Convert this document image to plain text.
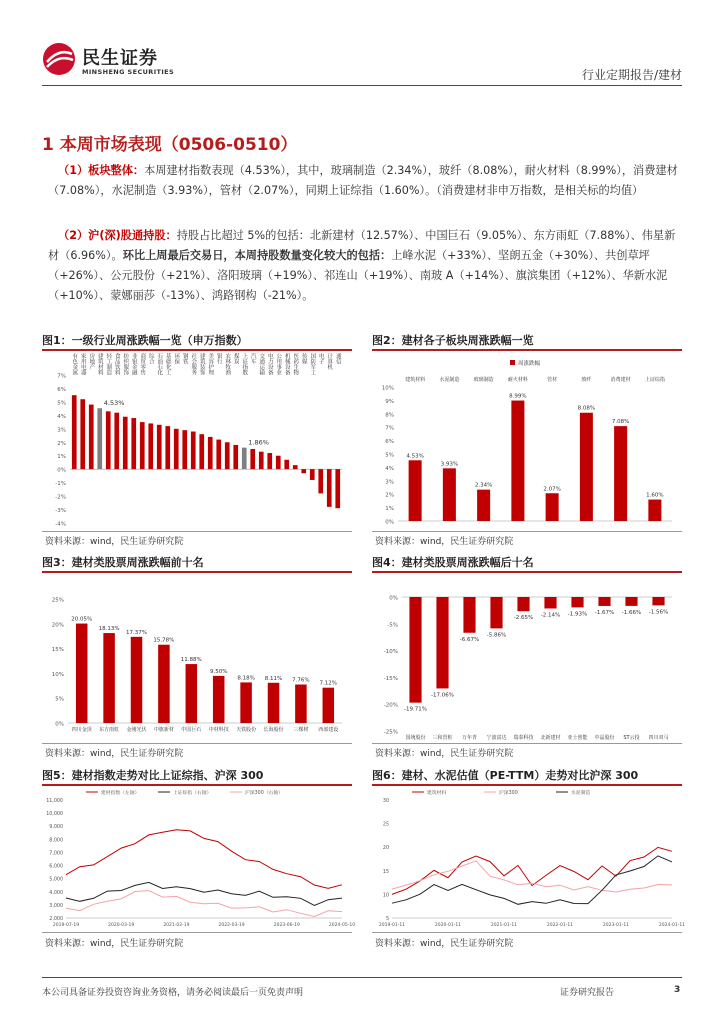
民生证券
MINSHENG SECURITIES	行业定期报告/建材
1 本周市场表现（0506-0510）
（1）板块整体：本周建材指数表现（4.53%），其中，玻璃制造（2.34%），玻纤（8.08%），耐火材料（8.99%），消费建材（7.08%），水泥制造（3.93%），管材（2.07%），同期上证综指（1.60%）。（消费建材非申万指数，是相关标的均值）
（2）沪(深)股通持股：持股占比超过 5%的包括：北新建材（12.57%）、中国巨石（9.05%）、东方雨虹（7.88%）、伟星新材（6.96%）。环比上周最后交易日，本周持股数量变化较大的包括：上峰水泥（+33%）、坚朗五金（+30%）、共创草坪（+26%）、公元股份（+21%）、洛阳玻璃（+19%）、祁连山（+19%）、南玻 A（+14%）、旗滨集团（+12%）、华新水泥（+10%）、蒙娜丽莎（-13%）、鸿路钢构（-21%）。
图1：一级行业周涨跌幅一览（申万指数）	图2：建材各子板块周涨跌幅一览
7%
6%
5%
4%
3%
2%
1%
0%
-1%
-2%
-3%
-4%
有色金属 家用电器 房地产 建筑材料
4.53%
轻工制造 食品饮料 纺织服饰 非银金融 商贸零售 综合 石油石化 基础化工 环保 钢铁 社会服务 建筑装饰 美容护理 银行 农林牧渔 煤炭 上证指数
1.86%
汽车 交通运输 电力设备 公用事业 机械设备 医药生物 传媒 国防军工 电子 计算机 通信
10%
9%
8%
7%
6%
5%
4%
3%
2%
1%
0%
建筑材料
4.53%
水泥制造
3.93%
玻璃制造
2.34%
耐火材料
8.99%
管材
2.07%
玻纤
8.08%
消费建材
7.08%
上证综指
1.60%
周涨跌幅
资料来源：wind，民生证券研究院	资料来源：wind，民生证券研究院
图3：建材类股票周涨跌幅前十名	图4：建材类股票周涨跌幅后十名
25%
20%
15%
10%
5%
0%
四川金顶
20.05%
东方雨虹
18.13%
金刚光伏
17.37%
中旗新材
15.78%
中国巨石
11.88%
中材科技
9.50%
天铁股份
8.18%
长海股份
8.11%
三棵树
7.76%
西部建设
7.12%
0%
-5%
-10%
-15%
-20%
-25%
国统股份
-19.71%
三和管桩
-17.06%
万年青
-6.67%
宁波富达
-5.86%
瑞泰科技
-2.65%
北新建材
-2.14%
亚士创能
-1.93%
中晶股份
-1.67%
ST云投
-1.66%
四川双马
-1.56%
资料来源：wind，民生证券研究院	资料来源：wind，民生证券研究院
图5：建材指数走势对比上证综指、沪深 300	图6：建材、水泥估值（PE-TTM）走势对比沪深 300
11,000
10,000
9,000
8,000
7,000
6,000
5,000
4,000
3,000
2,000
2019-07-19	2020-03-19	2021-02-19	2022-03-19	2023-06-19	2024-05-10
建材指数（左轴）	上证综指（右轴）	沪深300（右轴）
30
25
20
15
10
5
2019-01-11	2020-01-11	2021-01-11	2022-01-11	2023-01-11	2024-01-11
建筑材料	沪深300	水泥制造
资料来源：wind，民生证券研究院	资料来源：wind，民生证券研究院
本公司具备证券投资咨询业务资格，请务必阅读最后一页免责声明	证券研究报告	3
